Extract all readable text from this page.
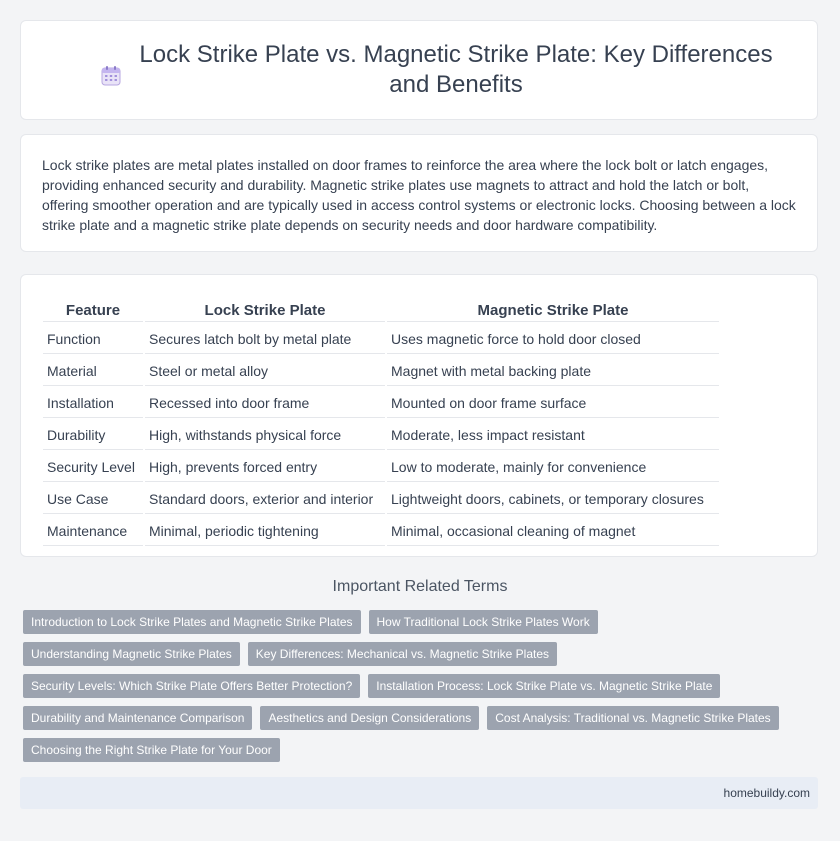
Lock Strike Plate vs. Magnetic Strike Plate: Key Differences and Benefits

Lock strike plates are metal plates installed on door frames to reinforce the area where the lock bolt or latch engages, providing enhanced security and durability. Magnetic strike plates use magnets to attract and hold the latch or bolt, offering smoother operation and are typically used in access control systems or electronic locks. Choosing between a lock strike plate and a magnetic strike plate depends on security needs and door hardware compatibility.

Feature	Lock Strike Plate	Magnetic Strike Plate
Function	Secures latch bolt by metal plate	Uses magnetic force to hold door closed
Material	Steel or metal alloy	Magnet with metal backing plate
Installation	Recessed into door frame	Mounted on door frame surface
Durability	High, withstands physical force	Moderate, less impact resistant
Security Level	High, prevents forced entry	Low to moderate, mainly for convenience
Use Case	Standard doors, exterior and interior	Lightweight doors, cabinets, or temporary closures
Maintenance	Minimal, periodic tightening	Minimal, occasional cleaning of magnet
Important Related Terms
Introduction to Lock Strike Plates and Magnetic Strike Plates	How Traditional Lock Strike Plates Work
Understanding Magnetic Strike Plates	Key Differences: Mechanical vs. Magnetic Strike Plates
Security Levels: Which Strike Plate Offers Better Protection?	Installation Process: Lock Strike Plate vs. Magnetic Strike Plate
Durability and Maintenance Comparison	Aesthetics and Design Considerations	Cost Analysis: Traditional vs. Magnetic Strike Plates
Choosing the Right Strike Plate for Your Door
homebuildy.com
